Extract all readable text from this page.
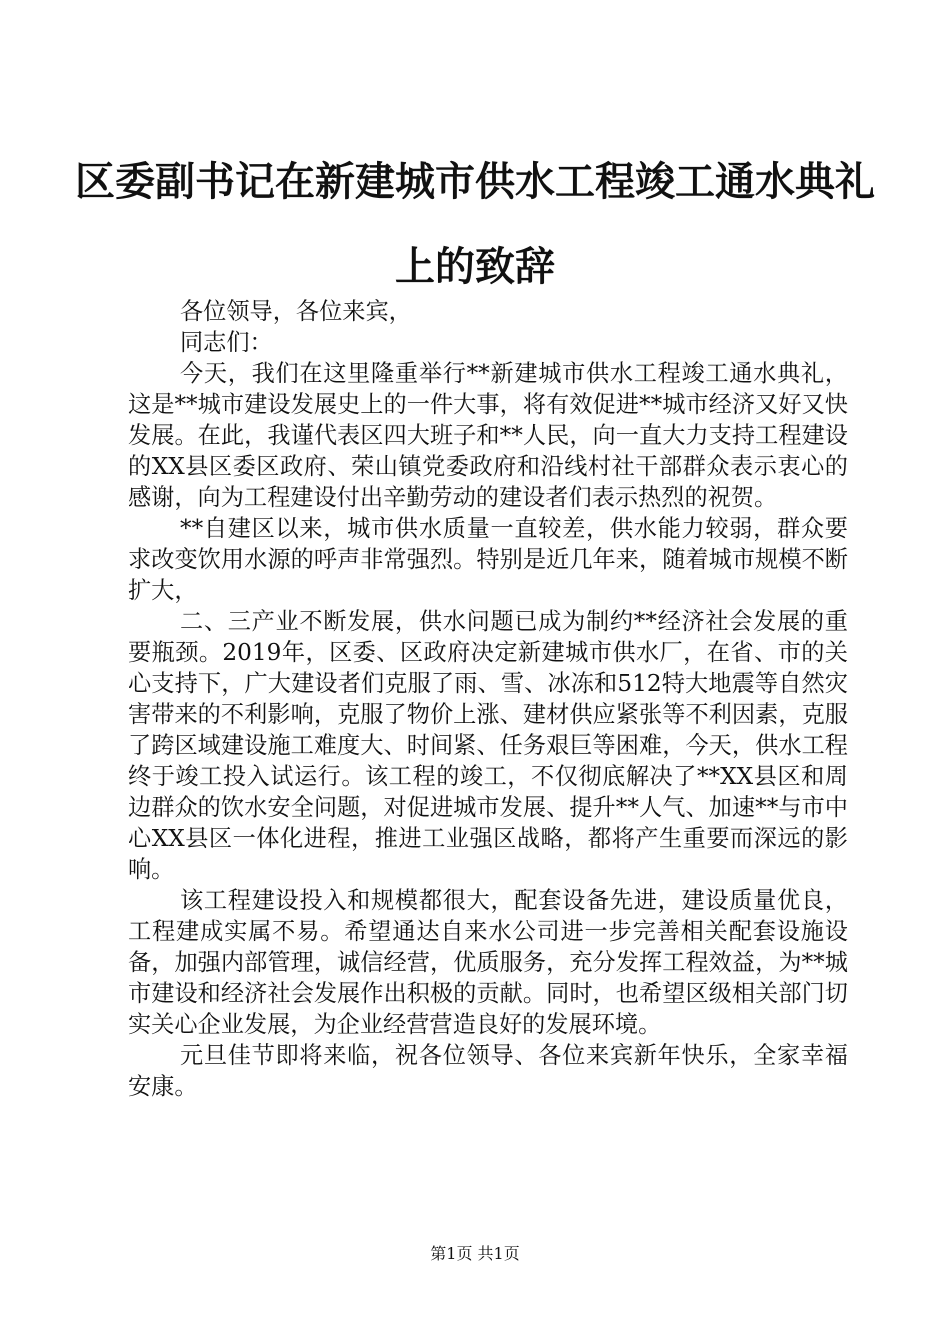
区委副书记在新建城市供水工程竣工通水典礼
上的致辞

各位领导，各位来宾，

同志们：

今天，我们在这里隆重举行**新建城市供水工程竣工通水典礼，这是**城市建设发展史上的一件大事，将有效促进**城市经济又好又快发展。在此，我谨代表区四大班子和**人民，向一直大力支持工程建设的XX县区委区政府、荣山镇党委政府和沿线村社干部群众表示衷心的感谢，向为工程建设付出辛勤劳动的建设者们表示热烈的祝贺。

**自建区以来，城市供水质量一直较差，供水能力较弱，群众要求改变饮用水源的呼声非常强烈。特别是近几年来，随着城市规模不断扩大，

二、三产业不断发展，供水问题已成为制约**经济社会发展的重要瓶颈。2019年，区委、区政府决定新建城市供水厂，在省、市的关心支持下，广大建设者们克服了雨、雪、冰冻和512特大地震等自然灾害带来的不利影响，克服了物价上涨、建材供应紧张等不利因素，克服了跨区域建设施工难度大、时间紧、任务艰巨等困难，今天，供水工程终于竣工投入试运行。该工程的竣工，不仅彻底解决了**XX县区和周边群众的饮水安全问题，对促进城市发展、提升**人气、加速**与市中心XX县区一体化进程，推进工业强区战略，都将产生重要而深远的影响。

该工程建设投入和规模都很大，配套设备先进，建设质量优良，工程建成实属不易。希望通达自来水公司进一步完善相关配套设施设备，加强内部管理，诚信经营，优质服务，充分发挥工程效益，为**城市建设和经济社会发展作出积极的贡献。同时，也希望区级相关部门切实关心企业发展，为企业经营营造良好的发展环境。

元旦佳节即将来临，祝各位领导、各位来宾新年快乐，全家幸福安康。

第1页 共1页
